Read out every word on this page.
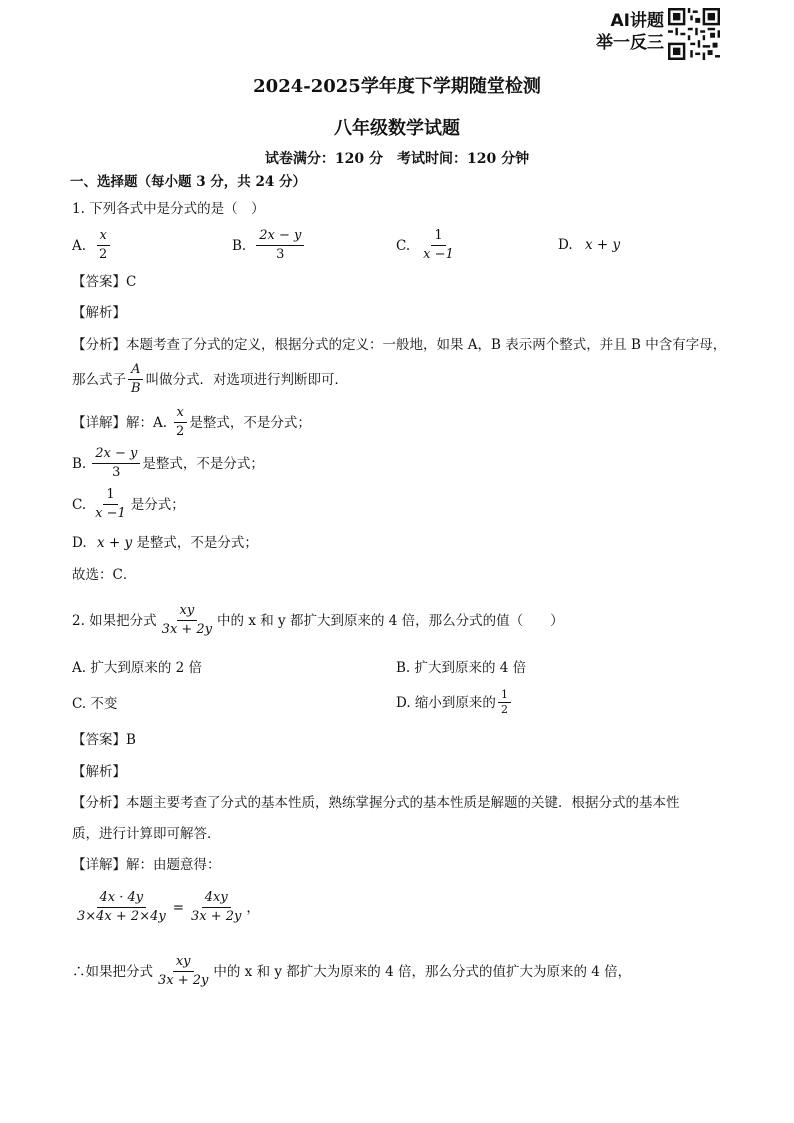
AI讲题
举一反三
2024-2025学年度下学期随堂检测
八年级数学试题
试卷满分：120 分　考试时间：120 分钟
一、选择题（每小题 3 分，共 24 分）
1. 下列各式中是分式的是（　）
A. $\frac{x}{2}$	B. $\frac{2x - y}{3}$	C. $\frac{1}{x -1}$	D. x + y
【答案】C
【解析】
【分析】本题考查了分式的定义，根据分式的定义：一般地，如果 A，B 表示两个整式，并且 B 中含有字母，
那么式子 $\frac{A}{B}$ 叫做分式．对选项进行判断即可．
【详解】 解：A. $\frac{x}{2}$ 是整式，不是分式；
B. $\frac{2x - y}{3}$ 是整式，不是分式；
C. $\frac{1}{x -1}$ 是分式；
D. x + y 是整式，不是分式；
故选：C．
2. 如果把分式 $\frac{xy}{3x + 2y}$ 中的 x 和 y 都扩大到原来的 4 倍，那么分式的值（　　）
A. 扩大到原来的 2 倍	B. 扩大到原来的 4 倍
C. 不变	D. 缩小到原来的 $\frac{1}{2}$
【答案】B
【解析】
【分析】本题主要考查了分式的基本性质，熟练掌握分式的基本性质是解题的关键．根据分式的基本性
质，进行计算即可解答．
【详解】解：由题意得：
$\frac{4x \cdot 4y}{3\times 4x + 2\times 4y} = \frac{4xy}{3x + 2y}$ ，
∴如果把分式 $\frac{xy}{3x + 2y}$ 中的 x 和 y 都扩大为原来的 4 倍，那么分式的值扩大为原来的 4 倍，
